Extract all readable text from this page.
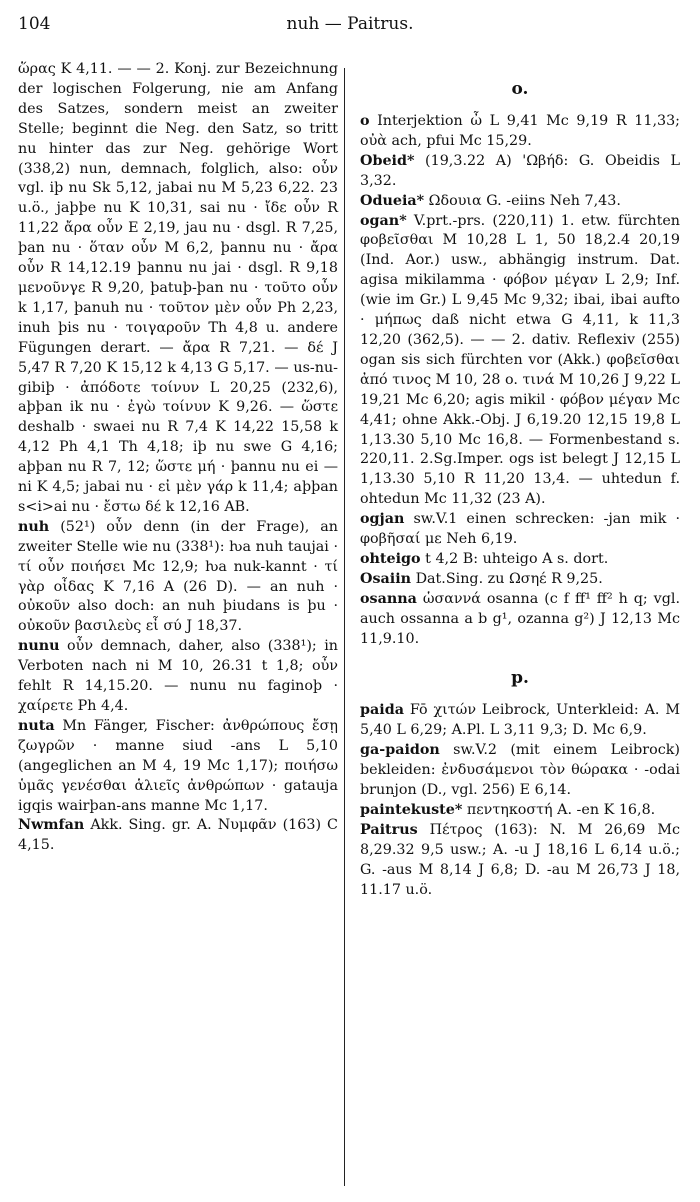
104	nuh — Paitrus.

ὥρας K 4,11. — — 2. Konj. zur Bezeichnung der logischen Folgerung, nie am Anfang des Satzes, sondern meist an zweiter Stelle; beginnt die Neg. den Satz, so tritt nu hinter das zur Neg. gehörige Wort (338,2) nun, demnach, folglich, also: οὖν vgl. iþ nu Sk 5,12, jabai nu M 5,23 6,22. 23 u.ö., jaþþe nu K 10,31, sai nu · ἴδε οὖν R 11,22 ἄρα οὖν E 2,19, jau nu · dsgl. R 7,25, þan nu · ὅταν οὖν M 6,2, þannu nu · ἄρα οὖν R 14,12.19 þannu nu jai · dsgl. R 9,18 μενοῦνγε R 9,20, þatuþ-þan nu · τοῦτο οὖν k 1,17, þanuh nu · τοῦτον μὲν οὖν Ph 2,23, inuh þis nu · τοιγαροῦν Th 4,8 u. andere Fügungen derart. — ἄρα R 7,21. — δέ J 5,47 R 7,20 K 15,12 k 4,13 G 5,17. — us-nu-gibiþ · ἀπόδοτε τοίνυν L 20,25 (232,6), aþþan ik nu · ἐγὼ τοίνυν K 9,26. — ὥστε deshalb · swaei nu R 7,4 K 14,22 15,58 k 4,12 Ph 4,1 Th 4,18; iþ nu swe G 4,16; aþþan nu R 7, 12; ὥστε μή · þannu nu ei — ni K 4,5; jabai nu · εἰ μὲν γάρ k 11,4; aþþan s<i>ai nu · ἔστω δέ k 12,16 AB.

nuh (52¹) οὖν denn (in der Frage), an zweiter Stelle wie nu (338¹): ƕa nuh taujai · τί οὖν ποιήσει Mc 12,9; ƕa nuk-kannt · τί γὰρ οἶδας K 7,16 A (26 D). — an nuh · οὐκοῦν also doch: an nuh þiudans is þu · οὐκοῦν βασιλεὺς εἶ σύ J 18,37.

nunu οὖν demnach, daher, also (338¹); in Verboten nach ni M 10, 26.31 t 1,8; οὖν fehlt R 14,15.20. — nunu nu faginoþ · χαίρετε Ph 4,4.

nuta Mn Fänger, Fischer: ἀνθρώπους ἔσῃ ζωγρῶν · manne siud -ans L 5,10 (angeglichen an M 4, 19 Mc 1,17); ποιήσω ὑμᾶς γενέσθαι ἁλιεῖς ἀνθρώπων · gataujа igqis wairþan-ans manne Mc 1,17.

Nwmfan Akk. Sing. gr. A. Νυμφᾶν (163) C 4,15.

o.

o Interjektion ὦ L 9,41 Mc 9,19 R 11,33; οὐὰ ach, pfui Mc 15,29.

Obeid* (19,3.22 A) 'Ωβήδ: G. Obeidis L 3,32.

Odueia* Ωδουια G. -eiins Neh 7,43.

ogan* V.prt.-prs. (220,11) 1. etw. fürchten φοβεῖσθαι M 10,28 L 1, 50 18,2.4 20,19 (Ind. Aor.) usw., abhängig instrum. Dat. agisa mikilamma · φόβον μέγαν L 2,9; Inf. (wie im Gr.) L 9,45 Mc 9,32; ibai, ibai aufto · μήπως daß nicht etwa G 4,11, k 11,3 12,20 (362,5). — — 2. dativ. Reflexiv (255) ogan sis sich fürchten vor (Akk.) φοβεῖσθαι ἀπό τινος M 10, 28 o. τινά M 10,26 J 9,22 L 19,21 Mc 6,20; agis mikil · φόβον μέγαν Mc 4,41; ohne Akk.-Obj. J 6,19.20 12,15 19,8 L 1,13.30 5,10 Mc 16,8. — Formenbestand s. 220,11. 2.Sg.Imper. ogs ist belegt J 12,15 L 1,13.30 5,10 R 11,20 13,4. — uhtedun f. ohtedun Mc 11,32 (23 A).

ogjan sw.V.1 einen schrecken: -jan mik · φοβῆσαί με Neh 6,19.

ohteigo t 4,2 B: uhteigo A s. dort.

Osaiin Dat.Sing. zu Ωσηέ R 9,25.

osanna ὡσαννά osanna (c f ff¹ ff² h q; vgl. auch ossanna a b g¹, ozanna g²) J 12,13 Mc 11,9.10.

p.

paida Fō χιτών Leibrock, Unterkleid: A. M 5,40 L 6,29; A.Pl. L 3,11 9,3; D. Mc 6,9.

ga-paidon sw.V.2 (mit einem Leibrock) bekleiden: ἐνδυσάμενοι τὸν θώρακα · -odai brunjon (D., vgl. 256) E 6,14.

paintekuste* πεντηκοστή A. -en K 16,8.

Paitrus Πέτρος (163): N. M 26,69 Mc 8,29.32 9,5 usw.; A. -u J 18,16 L 6,14 u.ö.; G. -aus M 8,14 J 6,8; D. -au M 26,73 J 18, 11.17 u.ö.
